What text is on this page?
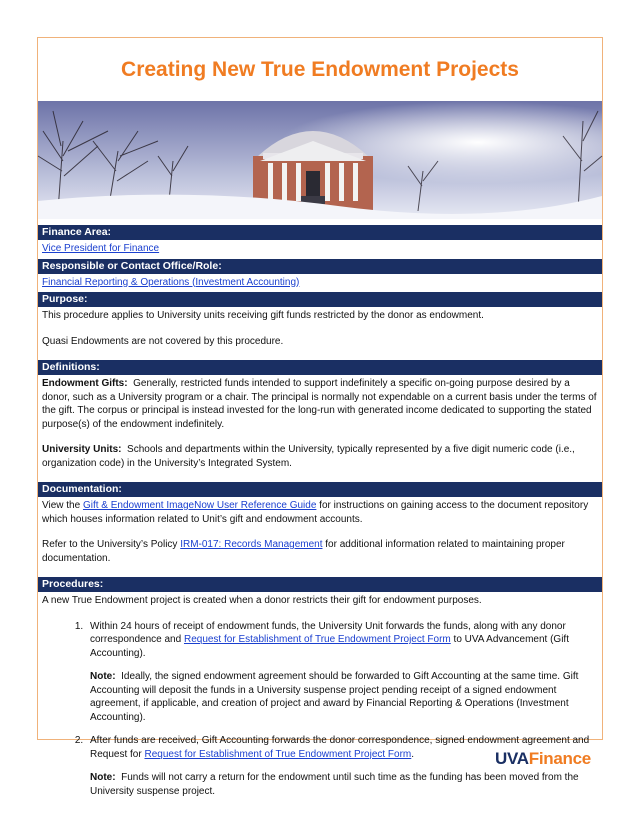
Creating New True Endowment Projects
Finance Area:
Vice President for Finance
Responsible or Contact Office/Role:
Financial Reporting & Operations (Investment Accounting)
Purpose:

This procedure applies to University units receiving gift funds restricted by the donor as endowment.

Quasi Endowments are not covered by this procedure.

Definitions:

Endowment Gifts: Generally, restricted funds intended to support indefinitely a specific on-going purpose desired by a donor, such as a University program or a chair. The principal is normally not expendable on a current basis under the terms of the gift. The corpus or principal is instead invested for the long-run with generated income dedicated to supporting the stated purpose(s) of the endowment indefinitely.

University Units: Schools and departments within the University, typically represented by a five digit numeric code (i.e., organization code) in the University’s Integrated System.

Documentation:

View the Gift & Endowment ImageNow User Reference Guide for instructions on gaining access to the document repository which houses information related to Unit’s gift and endowment accounts.

Refer to the University’s Policy IRM-017: Records Management for additional information related to maintaining proper documentation.

Procedures:

A new True Endowment project is created when a donor restricts their gift for endowment purposes.

1. Within 24 hours of receipt of endowment funds, the University Unit forwards the funds, along with any donor correspondence and Request for Establishment of True Endowment Project Form to UVA Advancement (Gift Accounting).
Note: Ideally, the signed endowment agreement should be forwarded to Gift Accounting at the same time. Gift Accounting will deposit the funds in a University suspense project pending receipt of a signed endowment agreement, if applicable, and creation of project and award by Financial Reporting & Operations (Investment Accounting).
2. After funds are received, Gift Accounting forwards the donor correspondence, signed endowment agreement and Request for Request for Establishment of True Endowment Project Form.
Note: Funds will not carry a return for the endowment until such time as the funding has been moved from the University suspense project.
UVAFinance
